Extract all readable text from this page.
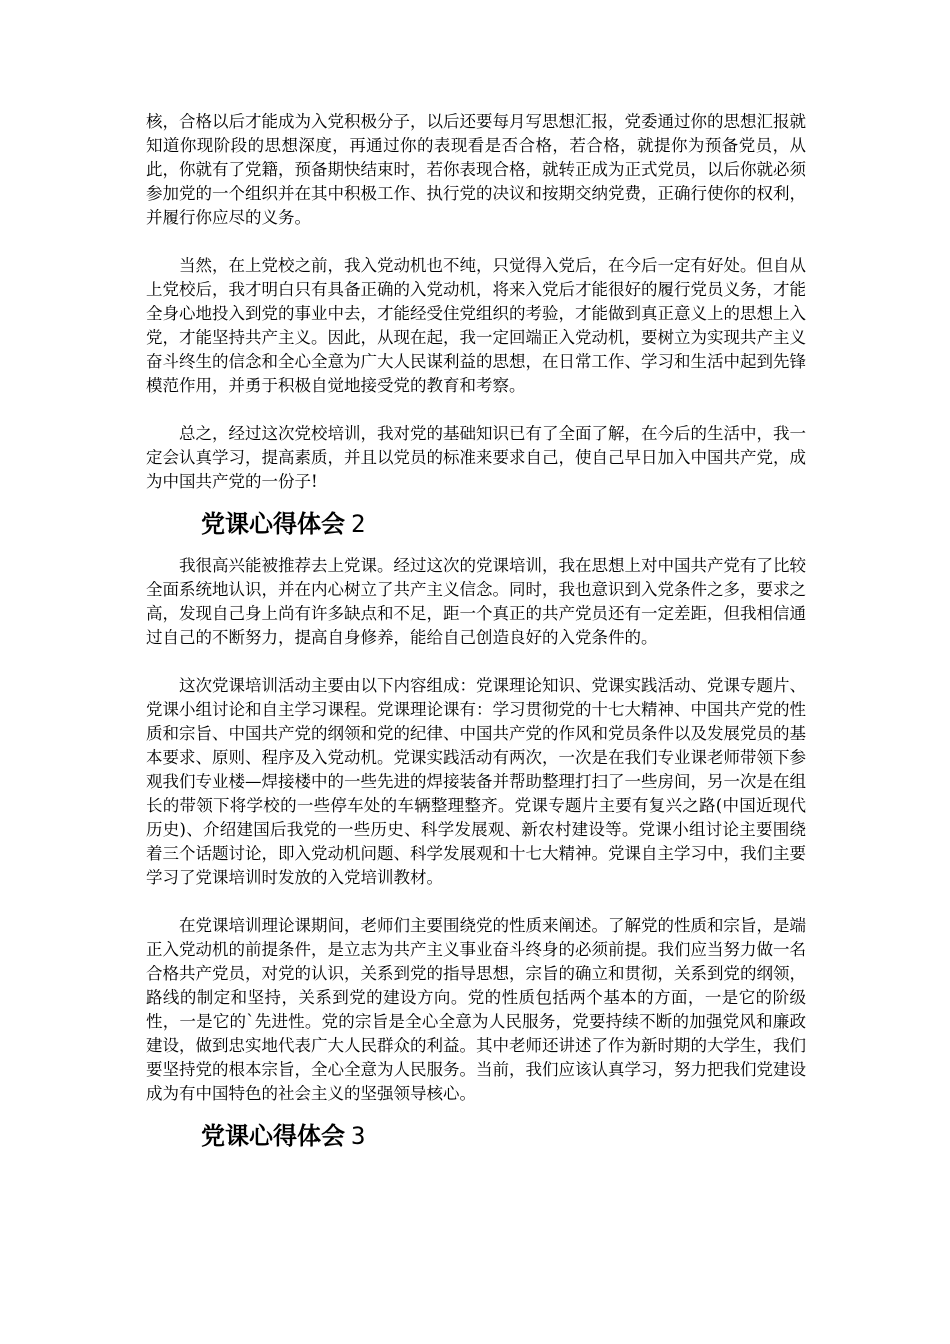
核，合格以后才能成为入党积极分子，以后还要每月写思想汇报，党委通过你的思想汇报就知道你现阶段的思想深度，再通过你的表现看是否合格，若合格，就提你为预备党员，从此，你就有了党籍，预备期快结束时，若你表现合格，就转正成为正式党员，以后你就必须参加党的一个组织并在其中积极工作、执行党的决议和按期交纳党费，正确行使你的权利，并履行你应尽的义务。

当然，在上党校之前，我入党动机也不纯，只觉得入党后，在今后一定有好处。但自从上党校后，我才明白只有具备正确的入党动机，将来入党后才能很好的履行党员义务，才能全身心地投入到党的事业中去，才能经受住党组织的考验，才能做到真正意义上的思想上入党，才能坚持共产主义。因此，从现在起，我一定回端正入党动机，要树立为实现共产主义奋斗终生的信念和全心全意为广大人民谋利益的思想，在日常工作、学习和生活中起到先锋模范作用，并勇于积极自觉地接受党的教育和考察。

总之，经过这次党校培训，我对党的基础知识已有了全面了解，在今后的生活中，我一定会认真学习，提高素质，并且以党员的标准来要求自己，使自己早日加入中国共产党，成为中国共产党的一份子!

党课心得体会 2

我很高兴能被推荐去上党课。经过这次的党课培训，我在思想上对中国共产党有了比较全面系统地认识，并在内心树立了共产主义信念。同时，我也意识到入党条件之多，要求之高，发现自己身上尚有许多缺点和不足，距一个真正的共产党员还有一定差距，但我相信通过自己的不断努力，提高自身修养，能给自己创造良好的入党条件的。

这次党课培训活动主要由以下内容组成：党课理论知识、党课实践活动、党课专题片、党课小组讨论和自主学习课程。党课理论课有：学习贯彻党的十七大精神、中国共产党的性质和宗旨、中国共产党的纲领和党的纪律、中国共产党的作风和党员条件以及发展党员的基本要求、原则、程序及入党动机。党课实践活动有两次，一次是在我们专业课老师带领下参观我们专业楼—焊接楼中的一些先进的焊接装备并帮助整理打扫了一些房间，另一次是在组长的带领下将学校的一些停车处的车辆整理整齐。党课专题片主要有复兴之路(中国近现代历史)、介绍建国后我党的一些历史、科学发展观、新农村建设等。党课小组讨论主要围绕着三个话题讨论，即入党动机问题、科学发展观和十七大精神。党课自主学习中，我们主要学习了党课培训时发放的入党培训教材。

在党课培训理论课期间，老师们主要围绕党的性质来阐述。了解党的性质和宗旨，是端正入党动机的前提条件，是立志为共产主义事业奋斗终身的必须前提。我们应当努力做一名合格共产党员，对党的认识，关系到党的指导思想，宗旨的确立和贯彻，关系到党的纲领，路线的制定和坚持，关系到党的建设方向。党的性质包括两个基本的方面，一是它的阶级性，一是它的`先进性。党的宗旨是全心全意为人民服务，党要持续不断的加强党风和廉政建设，做到忠实地代表广大人民群众的利益。其中老师还讲述了作为新时期的大学生，我们要坚持党的根本宗旨，全心全意为人民服务。当前，我们应该认真学习，努力把我们党建设成为有中国特色的社会主义的坚强领导核心。

党课心得体会 3
